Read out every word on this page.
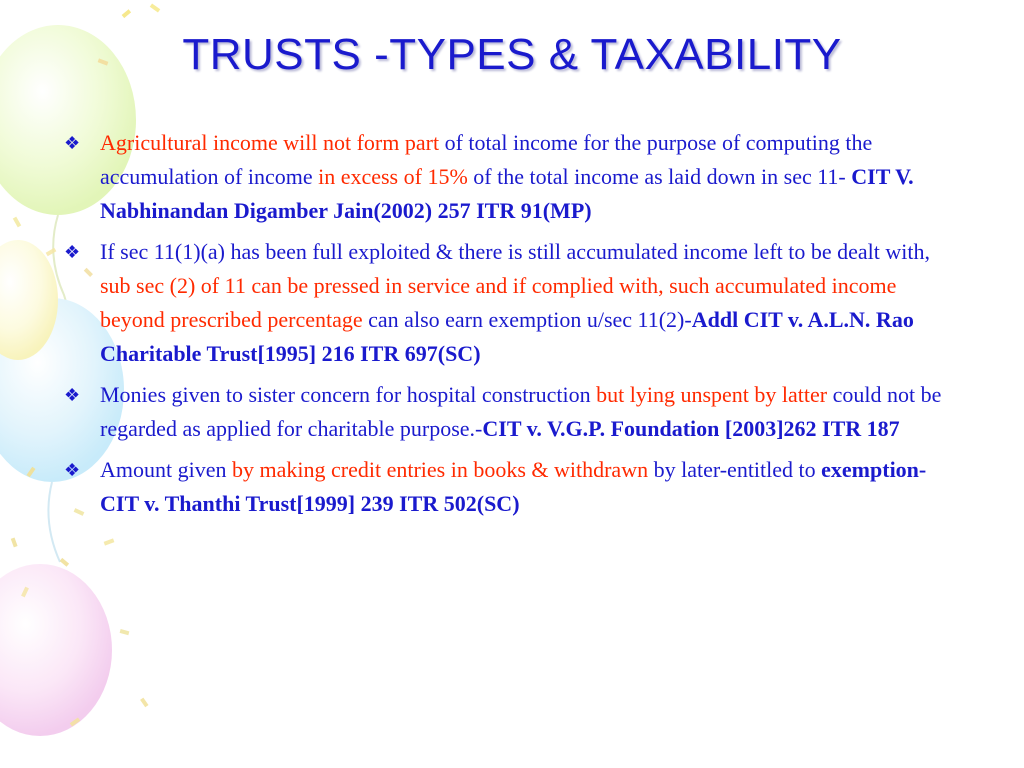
TRUSTS -TYPES & TAXABILITY
❖ Agricultural income will not form part of total income for the purpose of computing the accumulation of income in excess of 15% of the total income as laid down in sec 11- CIT V. Nabhinandan Digamber Jain(2002) 257 ITR 91(MP)
❖ If sec 11(1)(a) has been full exploited & there is still accumulated income left to be dealt with, sub sec (2) of 11 can be pressed in service and if complied with, such accumulated income beyond prescribed percentage can also earn exemption u/sec 11(2)-Addl CIT v. A.L.N. Rao Charitable Trust[1995] 216 ITR 697(SC)
❖ Monies given to sister concern for hospital construction but lying unspent by latter could not be regarded as applied for charitable purpose.-CIT v. V.G.P. Foundation [2003]262 ITR 187
❖ Amount given by making credit entries in books & withdrawn by later-entitled to exemption-CIT v. Thanthi Trust[1999] 239 ITR 502(SC)
